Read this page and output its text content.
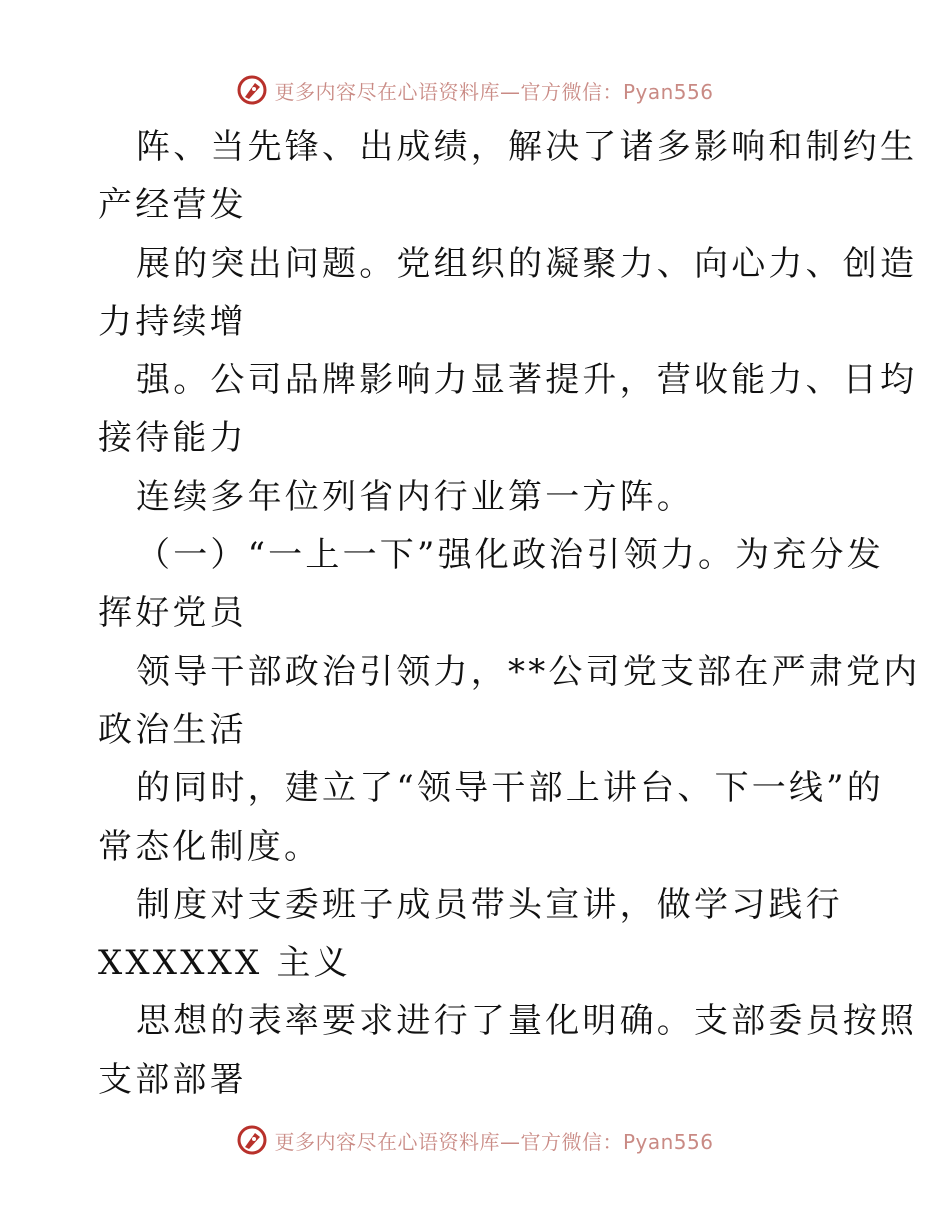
更多内容尽在心语资料库—官方微信：Pyan556
阵、当先锋、出成绩，解决了诸多影响和制约生
产经营发
展的突出问题。党组织的凝聚力、向心力、创造
力持续增
强。公司品牌影响力显著提升，营收能力、日均
接待能力
连续多年位列省内行业第一方阵。
（一）“一上一下”强化政治引领力。为充分发
挥好党员
领导干部政治引领力，**公司党支部在严肃党内
政治生活
的同时，建立了“领导干部上讲台、下一线”的
常态化制度。
制度对支委班子成员带头宣讲，做学习践行
XXXXXX 主义
思想的表率要求进行了量化明确。支部委员按照
支部部署
更多内容尽在心语资料库—官方微信：Pyan556
